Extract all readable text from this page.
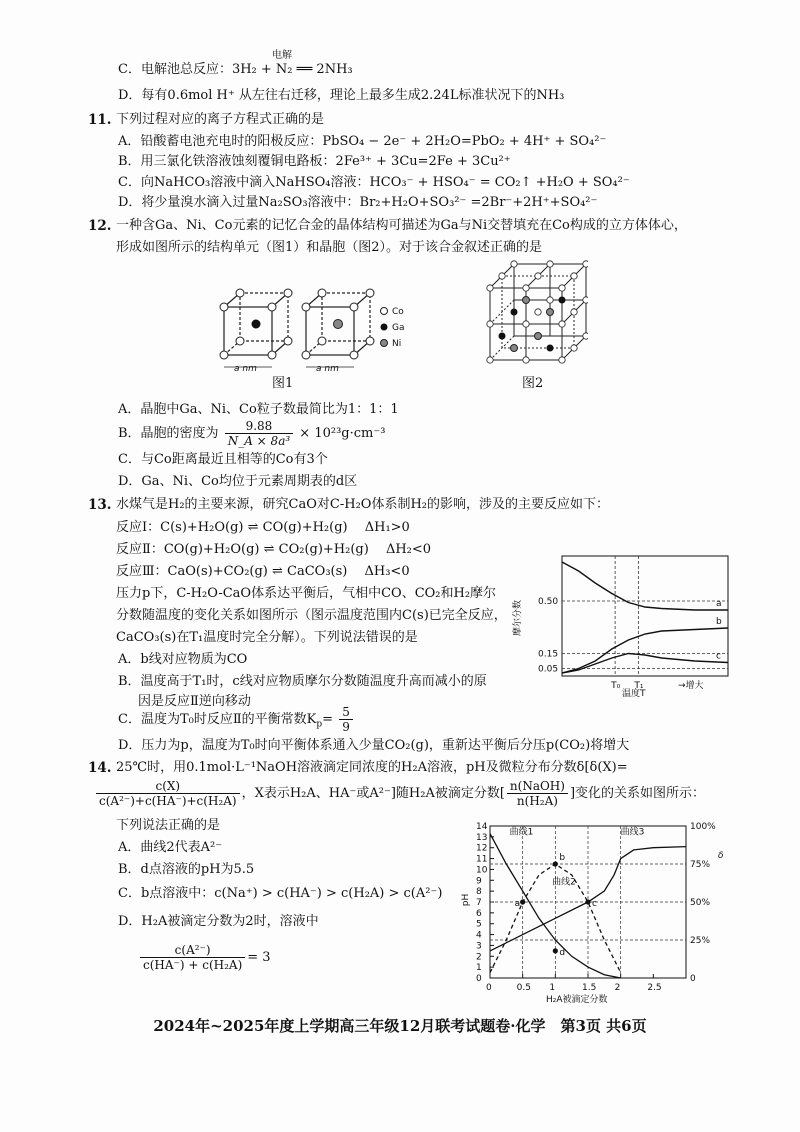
C．电解池总反应：3H₂ + N₂ ══ 2NH₃
电解
D．每有0.6mol H⁺ 从左往右迁移，理论上最多生成2.24L标准状况下的NH₃
11. 下列过程对应的离子方程式正确的是
A．铅酸蓄电池充电时的阳极反应：PbSO₄ − 2e⁻ + 2H₂O=PbO₂ + 4H⁺ + SO₄²⁻
B．用三氯化铁溶液蚀刻覆铜电路板：2Fe³⁺ + 3Cu=2Fe + 3Cu²⁺
C．向NaHCO₃溶液中滴入NaHSO₄溶液：HCO₃⁻ + HSO₄⁻ = CO₂↑ +H₂O + SO₄²⁻
D．将少量溴水滴入过量Na₂SO₃溶液中：Br₂+H₂O+SO₃²⁻ =2Br⁻+2H⁺+SO₄²⁻
12. 一种含Ga、Ni、Co元素的记忆合金的晶体结构可描述为Ga与Ni交替填充在Co构成的立方体体心，
形成如图所示的结构单元（图1）和晶胞（图2）。对于该合金叙述正确的是
a nm	a nm
Co
Ga
Ni
图1	图2
A．晶胞中Ga、Ni、Co粒子数最简比为1：1：1
B．晶胞的密度为 $\frac{9.88}{\text{N\_A × 8a³}} \times 10^{23}g\cdot cm^{-3}$
C．与Co距离最近且相等的Co有3个
D．Ga、Ni、Co均位于元素周期表的d区
13. 水煤气是H₂的主要来源，研究CaO对C-H₂O体系制H₂的影响，涉及的主要反应如下：
反应Ⅰ：C(s)+H₂O(g) ⇌ CO(g)+H₂(g)　 ΔH₁>0
反应Ⅱ：CO(g)+H₂O(g) ⇌ CO₂(g)+H₂(g)　 ΔH₂<0
反应Ⅲ：CaO(s)+CO₂(g) ⇌ CaCO₃(s)　 ΔH₃<0
压力p下，C-H₂O-CaO体系达平衡后，气相中CO、CO₂和H₂摩尔
分数随温度的变化关系如图所示（图示温度范围内C(s)已完全反应，
CaCO₃(s)在T₁温度时完全分解）。下列说法错误的是
A．b线对应物质为CO
B．温度高于T₁时，c线对应物质摩尔分数随温度升高而减小的原
因是反应Ⅱ逆向移动
C．温度为T₀时反应Ⅱ的平衡常数$K_p= \frac{5}{9}$
D．压力为p，温度为T₀时向平衡体系通入少量CO₂(g)，重新达平衡后分压p(CO₂)将增大
摩尔分数
温度T
→增大
T₀ T₁
0.05
0.15
0.50	a
b
c
14. 25℃时，用0.1mol·L⁻¹NaOH溶液滴定同浓度的H₂A溶液，pH及微粒分布分数δ[δ(X)=
$\frac{c(X)}{\text{c(A²⁻)+c(HA⁻)+c(H₂A)}}$ ，X表示H₂A、HA⁻或A²⁻]随H₂A被滴定分数[ $\frac{\text{n(NaOH)}}{\text{n(H₂A)}}$ ]变化的关系如图所示：
下列说法正确的是
A．曲线2代表A²⁻
B．d点溶液的pH为5.5
C．b点溶液中：c(Na⁺) > c(HA⁻) > c(H₂A) > c(A²⁻)
D．H₂A被滴定分数为2时，溶液中
$\frac{\text{c(A²⁻)}}{\text{c(HA⁻) + c(H₂A)}} = 3$
pH
δ
H₂A被滴定分数
0
1
2
3
4
5
6
7
8
9
10
11
12
13
14
0.5 1	1.5 2	2.5
0
0
25%
50%
75%
100%
曲线1
曲线2
曲线3
a
b
c
d
2024年~2025年度上学期高三年级12月联考试题卷·化学　第3页 共6页
